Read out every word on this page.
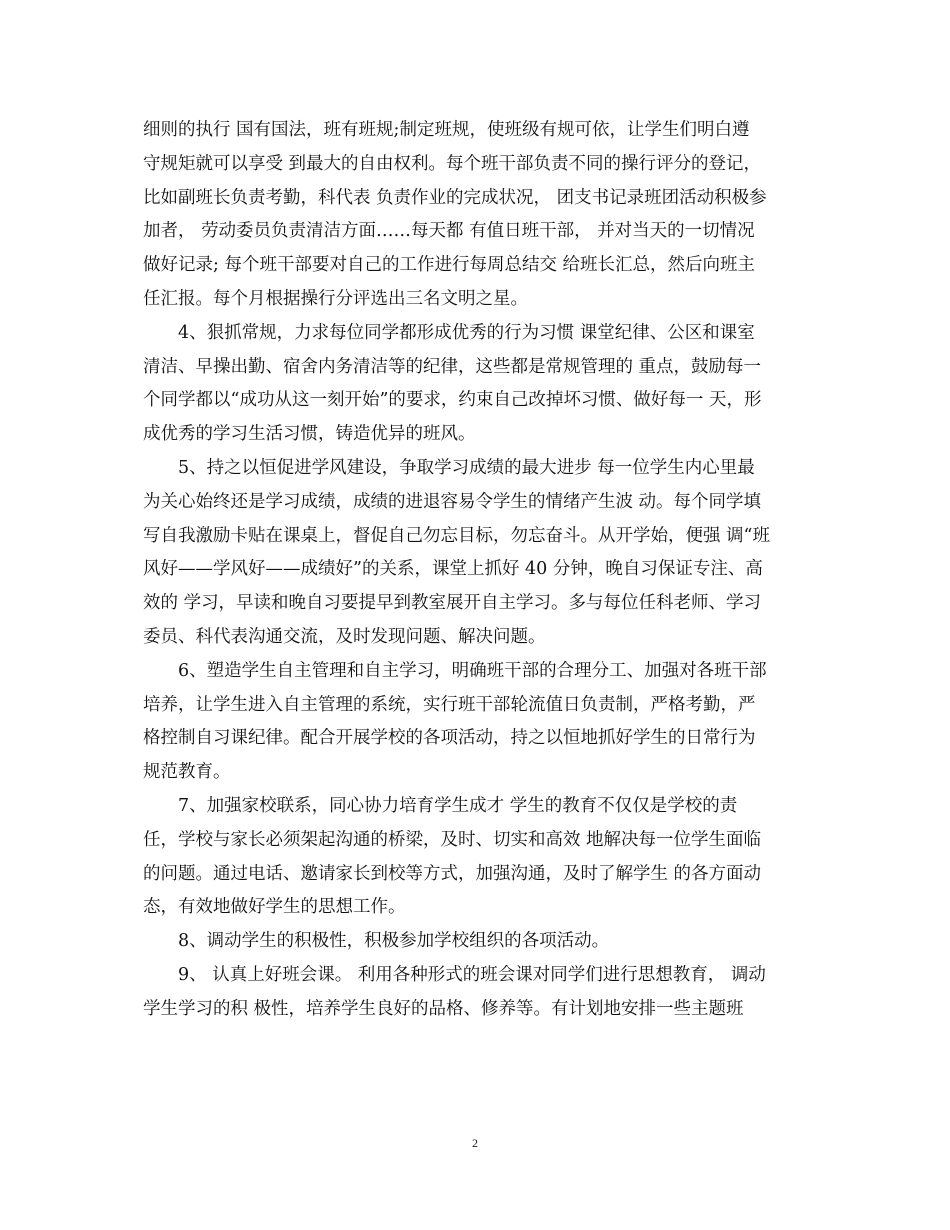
细则的执行 国有国法，班有班规;制定班规，使班级有规可依，让学生们明白遵
守规矩就可以享受 到最大的自由权利。每个班干部负责不同的操行评分的登记，
比如副班长负责考勤，科代表 负责作业的完成状况， 团支书记录班团活动积极参
加者， 劳动委员负责清洁方面……每天都 有值日班干部， 并对当天的一切情况
做好记录; 每个班干部要对自己的工作进行每周总结交 给班长汇总，然后向班主
任汇报。每个月根据操行分评选出三名文明之星。

　　4、狠抓常规，力求每位同学都形成优秀的行为习惯 课堂纪律、公区和课室
清洁、早操出勤、宿舍内务清洁等的纪律，这些都是常规管理的 重点，鼓励每一
个同学都以“成功从这一刻开始”的要求，约束自己改掉坏习惯、做好每一 天，形
成优秀的学习生活习惯，铸造优异的班风。

　　5、持之以恒促进学风建设，争取学习成绩的最大进步 每一位学生内心里最
为关心始终还是学习成绩，成绩的进退容易令学生的情绪产生波 动。每个同学填
写自我激励卡贴在课桌上，督促自己勿忘目标，勿忘奋斗。从开学始，便强 调“班
风好——学风好——成绩好”的关系，课堂上抓好 40 分钟，晚自习保证专注、高
效的 学习，早读和晚自习要提早到教室展开自主学习。多与每位任科老师、学习
委员、科代表沟通交流，及时发现问题、解决问题。

　　6、塑造学生自主管理和自主学习，明确班干部的合理分工、加强对各班干部
培养，让学生进入自主管理的系统，实行班干部轮流值日负责制，严格考勤，严
格控制自习课纪律。配合开展学校的各项活动，持之以恒地抓好学生的日常行为
规范教育。

　　7、加强家校联系，同心协力培育学生成才 学生的教育不仅仅是学校的责
任，学校与家长必须架起沟通的桥梁，及时、切实和高效 地解决每一位学生面临
的问题。通过电话、邀请家长到校等方式，加强沟通，及时了解学生 的各方面动
态，有效地做好学生的思想工作。

　　8、调动学生的积极性，积极参加学校组织的各项活动。

　　9、 认真上好班会课。 利用各种形式的班会课对同学们进行思想教育， 调动
学生学习的积 极性，培养学生良好的品格、修养等。有计划地安排一些主题班

2
